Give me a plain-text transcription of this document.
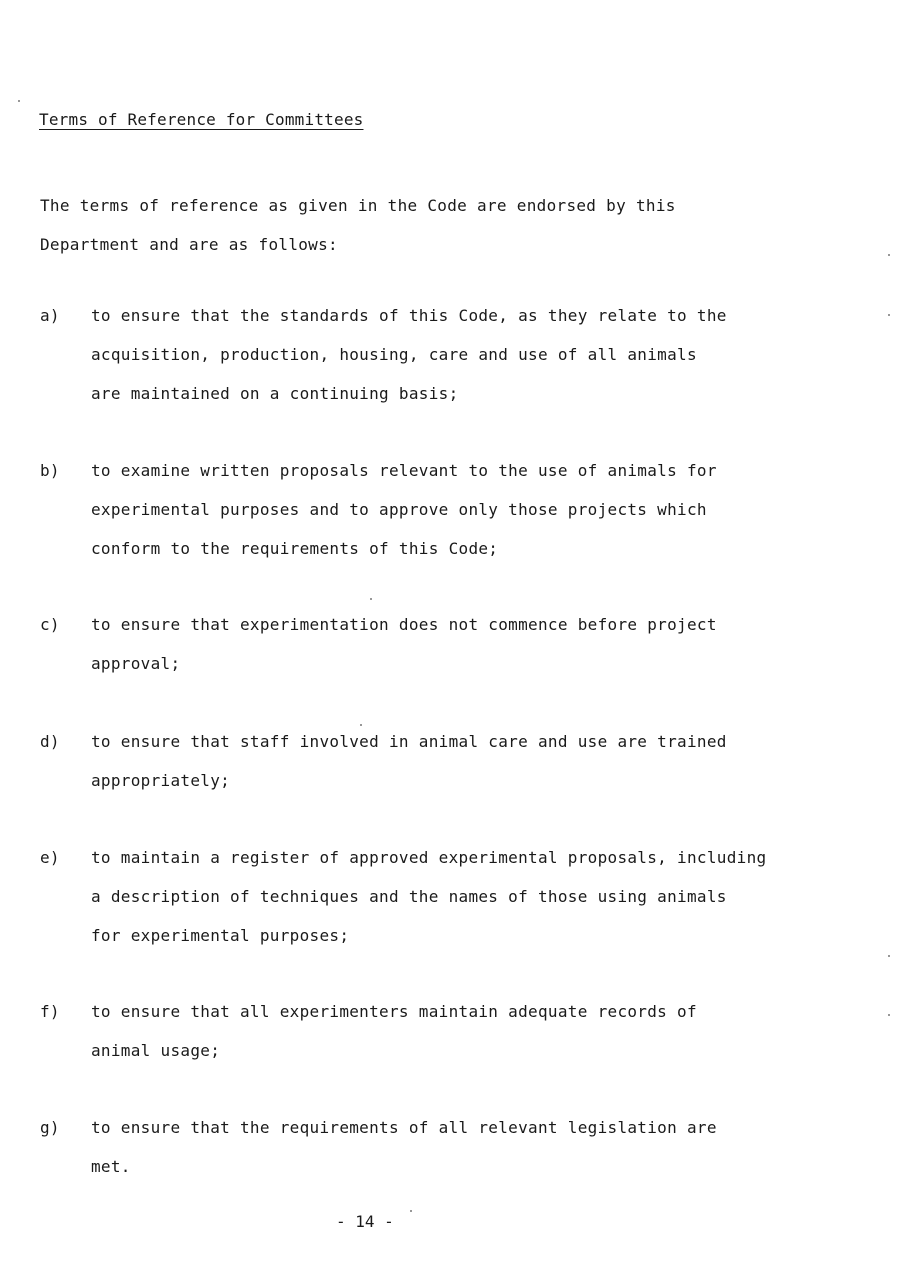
Terms of Reference for Committees

The terms of reference as given in the Code are endorsed by this

Department and are as follows:

a) to ensure that the standards of this Code, as they relate to the
acquisition, production, housing, care and use of all animals
are maintained on a continuing basis;
b) to examine written proposals relevant to the use of animals for
experimental purposes and to approve only those projects which
conform to the requirements of this Code;
c) to ensure that experimentation does not commence before project
approval;
d) to ensure that staff involved in animal care and use are trained
appropriately;
e) to maintain a register of approved experimental proposals, including
a description of techniques and the names of those using animals
for experimental purposes;
f) to ensure that all experimenters maintain adequate records of
animal usage;
g) to ensure that the requirements of all relevant legislation are
met.
- 14 -
